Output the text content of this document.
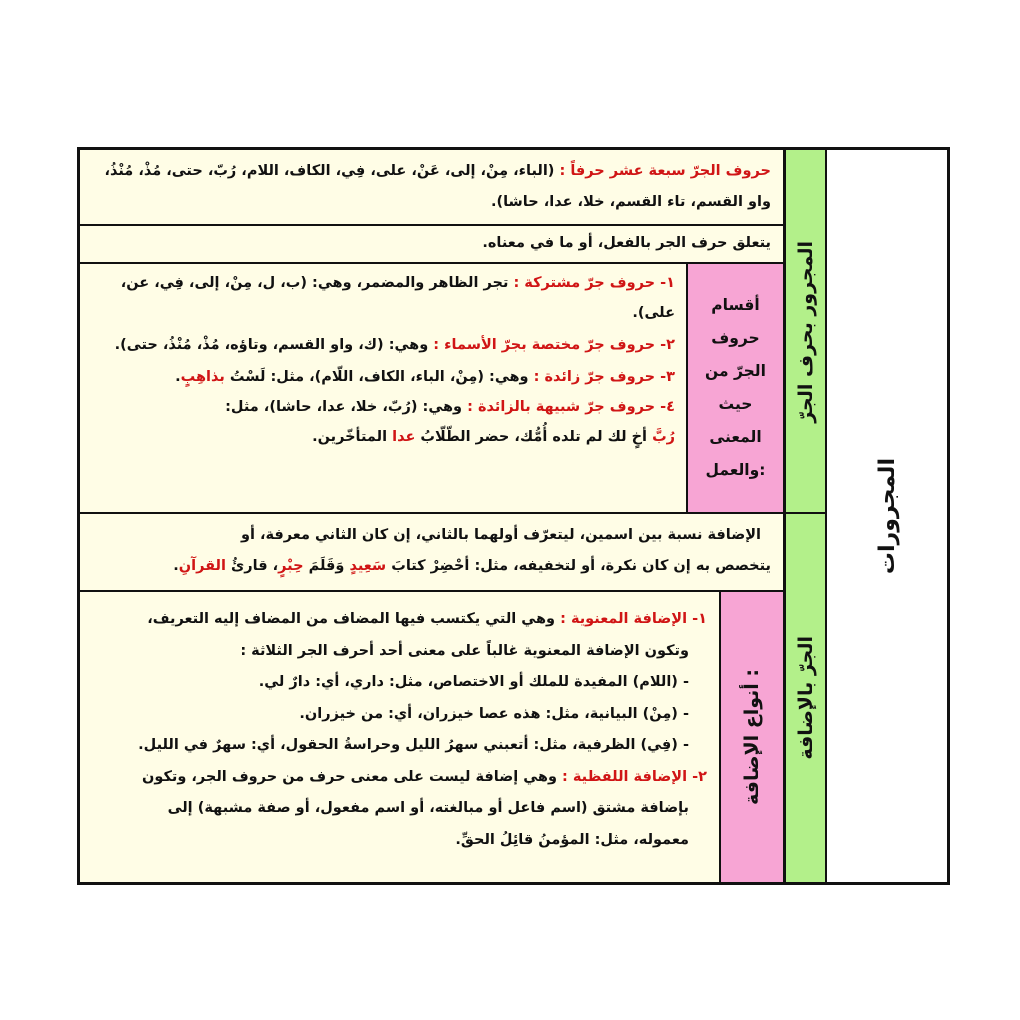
المجرورات
المجرور بحرف الجرّ
الجرّ بالإضافة
حروف الجرّ سبعة عشر حرفاً : (الباء، مِنْ، إلى، عَنْ، على، فِي، الكاف، اللام، رُبّ، حتى، مُذْ، مُنْذُ، واو القسم، تاء القسم، خلا، عدا، حاشا).
يتعلق حرف الجر بالفعل، أو ما في معناه.

١- حروف جرّ مشتركة : تجر الظاهر والمضمر، وهي: (ب، ل، مِنْ، إلى، فِي، عن، على).

٢- حروف جرّ مختصة بجرّ الأسماء : وهي: (ك، واو القسم، وتاؤه، مُذْ، مُنْذُ، حتى).

٣- حروف جرّ زائدة : وهي: (مِنْ، الباء، الكاف، اللّام)، مثل: لَسْتُ بذاهِبٍ.

٤- حروف جرّ شبيهة بالزائدة : وهي: (رُبّ، خلا، عدا، حاشا)، مثل:

رُبَّ أخٍ لك لم تلده أُمُّك، حضر الطّلّابُ عدا المتأخّرين.

أقسام حروف الجرّ من حيث المعنى والعمل:

الإضافة نسبة بين اسمين، ليتعرّف أولهما بالثاني، إن كان الثاني معرفة، أو

يتخصص به إن كان نكرة، أو لتخفيفه، مثل: أحْضِرْ كتابَ سَعِيدٍ وَقَلَمَ حِبْرٍ، قارئُ القرآنِ.

١- الإضافة المعنوية : وهي التي يكتسب فيها المضاف من المضاف إليه التعريف،

وتكون الإضافة المعنوية غالباً على معنى أحد أحرف الجر الثلاثة :

- (اللام) المفيدة للملك أو الاختصاص، مثل: داري، أي: دارٌ لي.

- (مِنْ) البيانية، مثل: هذه عصا خيزران، أي: من خيزران.

- (فِي) الظرفية، مثل: أتعبني سهرُ الليل وحراسةُ الحقول، أي: سهرٌ في الليل.

٢- الإضافة اللفظية : وهي إضافة ليست على معنى حرف من حروف الجر، وتكون

بإضافة مشتق (اسم فاعل أو مبالغته، أو اسم مفعول، أو صفة مشبهة) إلى

معموله، مثل: المؤمنُ قائِلُ الحقِّ.

أنواع الإضافة :
